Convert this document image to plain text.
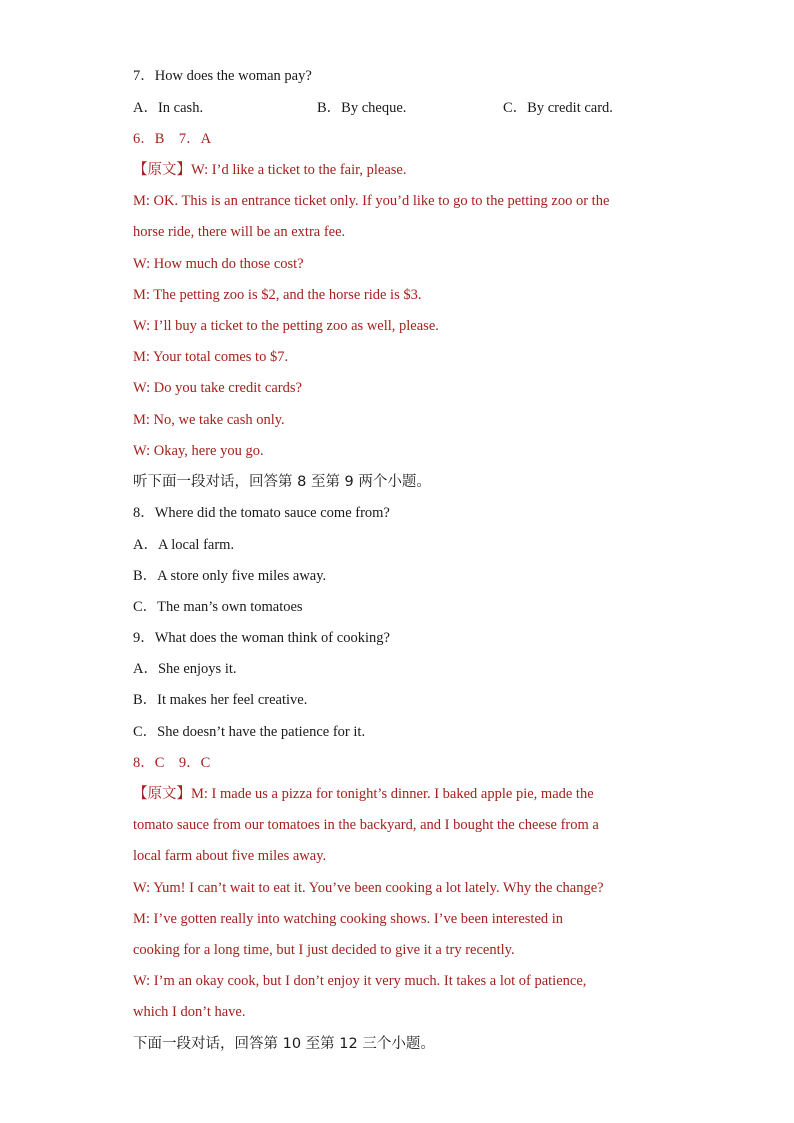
7．How does the woman pay?
A．In cash.	B．By cheque.	C．By credit card.
6．B　7．A
【原文】W: I’d like a ticket to the fair, please.
M: OK. This is an entrance ticket only. If you’d like to go to the petting zoo or the
horse ride, there will be an extra fee.
W: How much do those cost?
M: The petting zoo is $2, and the horse ride is $3.
W: I’ll buy a ticket to the petting zoo as well, please.
M: Your total comes to $7.
W: Do you take credit cards?
M: No, we take cash only.
W: Okay, here you go.
听下面一段对话，回答第 8 至第 9 两个小题。
8．Where did the tomato sauce come from?
A．A local farm.
B．A store only five miles away.
C．The man’s own tomatoes
9．What does the woman think of cooking?
A．She enjoys it.
B．It makes her feel creative.
C．She doesn’t have the patience for it.
8．C　9．C
【原文】M: I made us a pizza for tonight’s dinner. I baked apple pie, made the
tomato sauce from our tomatoes in the backyard, and I bought the cheese from a
local farm about five miles away.
W: Yum! I can’t wait to eat it. You’ve been cooking a lot lately. Why the change?
M: I’ve gotten really into watching cooking shows. I’ve been interested in
cooking for a long time, but I just decided to give it a try recently.
W: I’m an okay cook, but I don’t enjoy it very much. It takes a lot of patience,
which I don’t have.
下面一段对话，回答第 10 至第 12 三个小题。
